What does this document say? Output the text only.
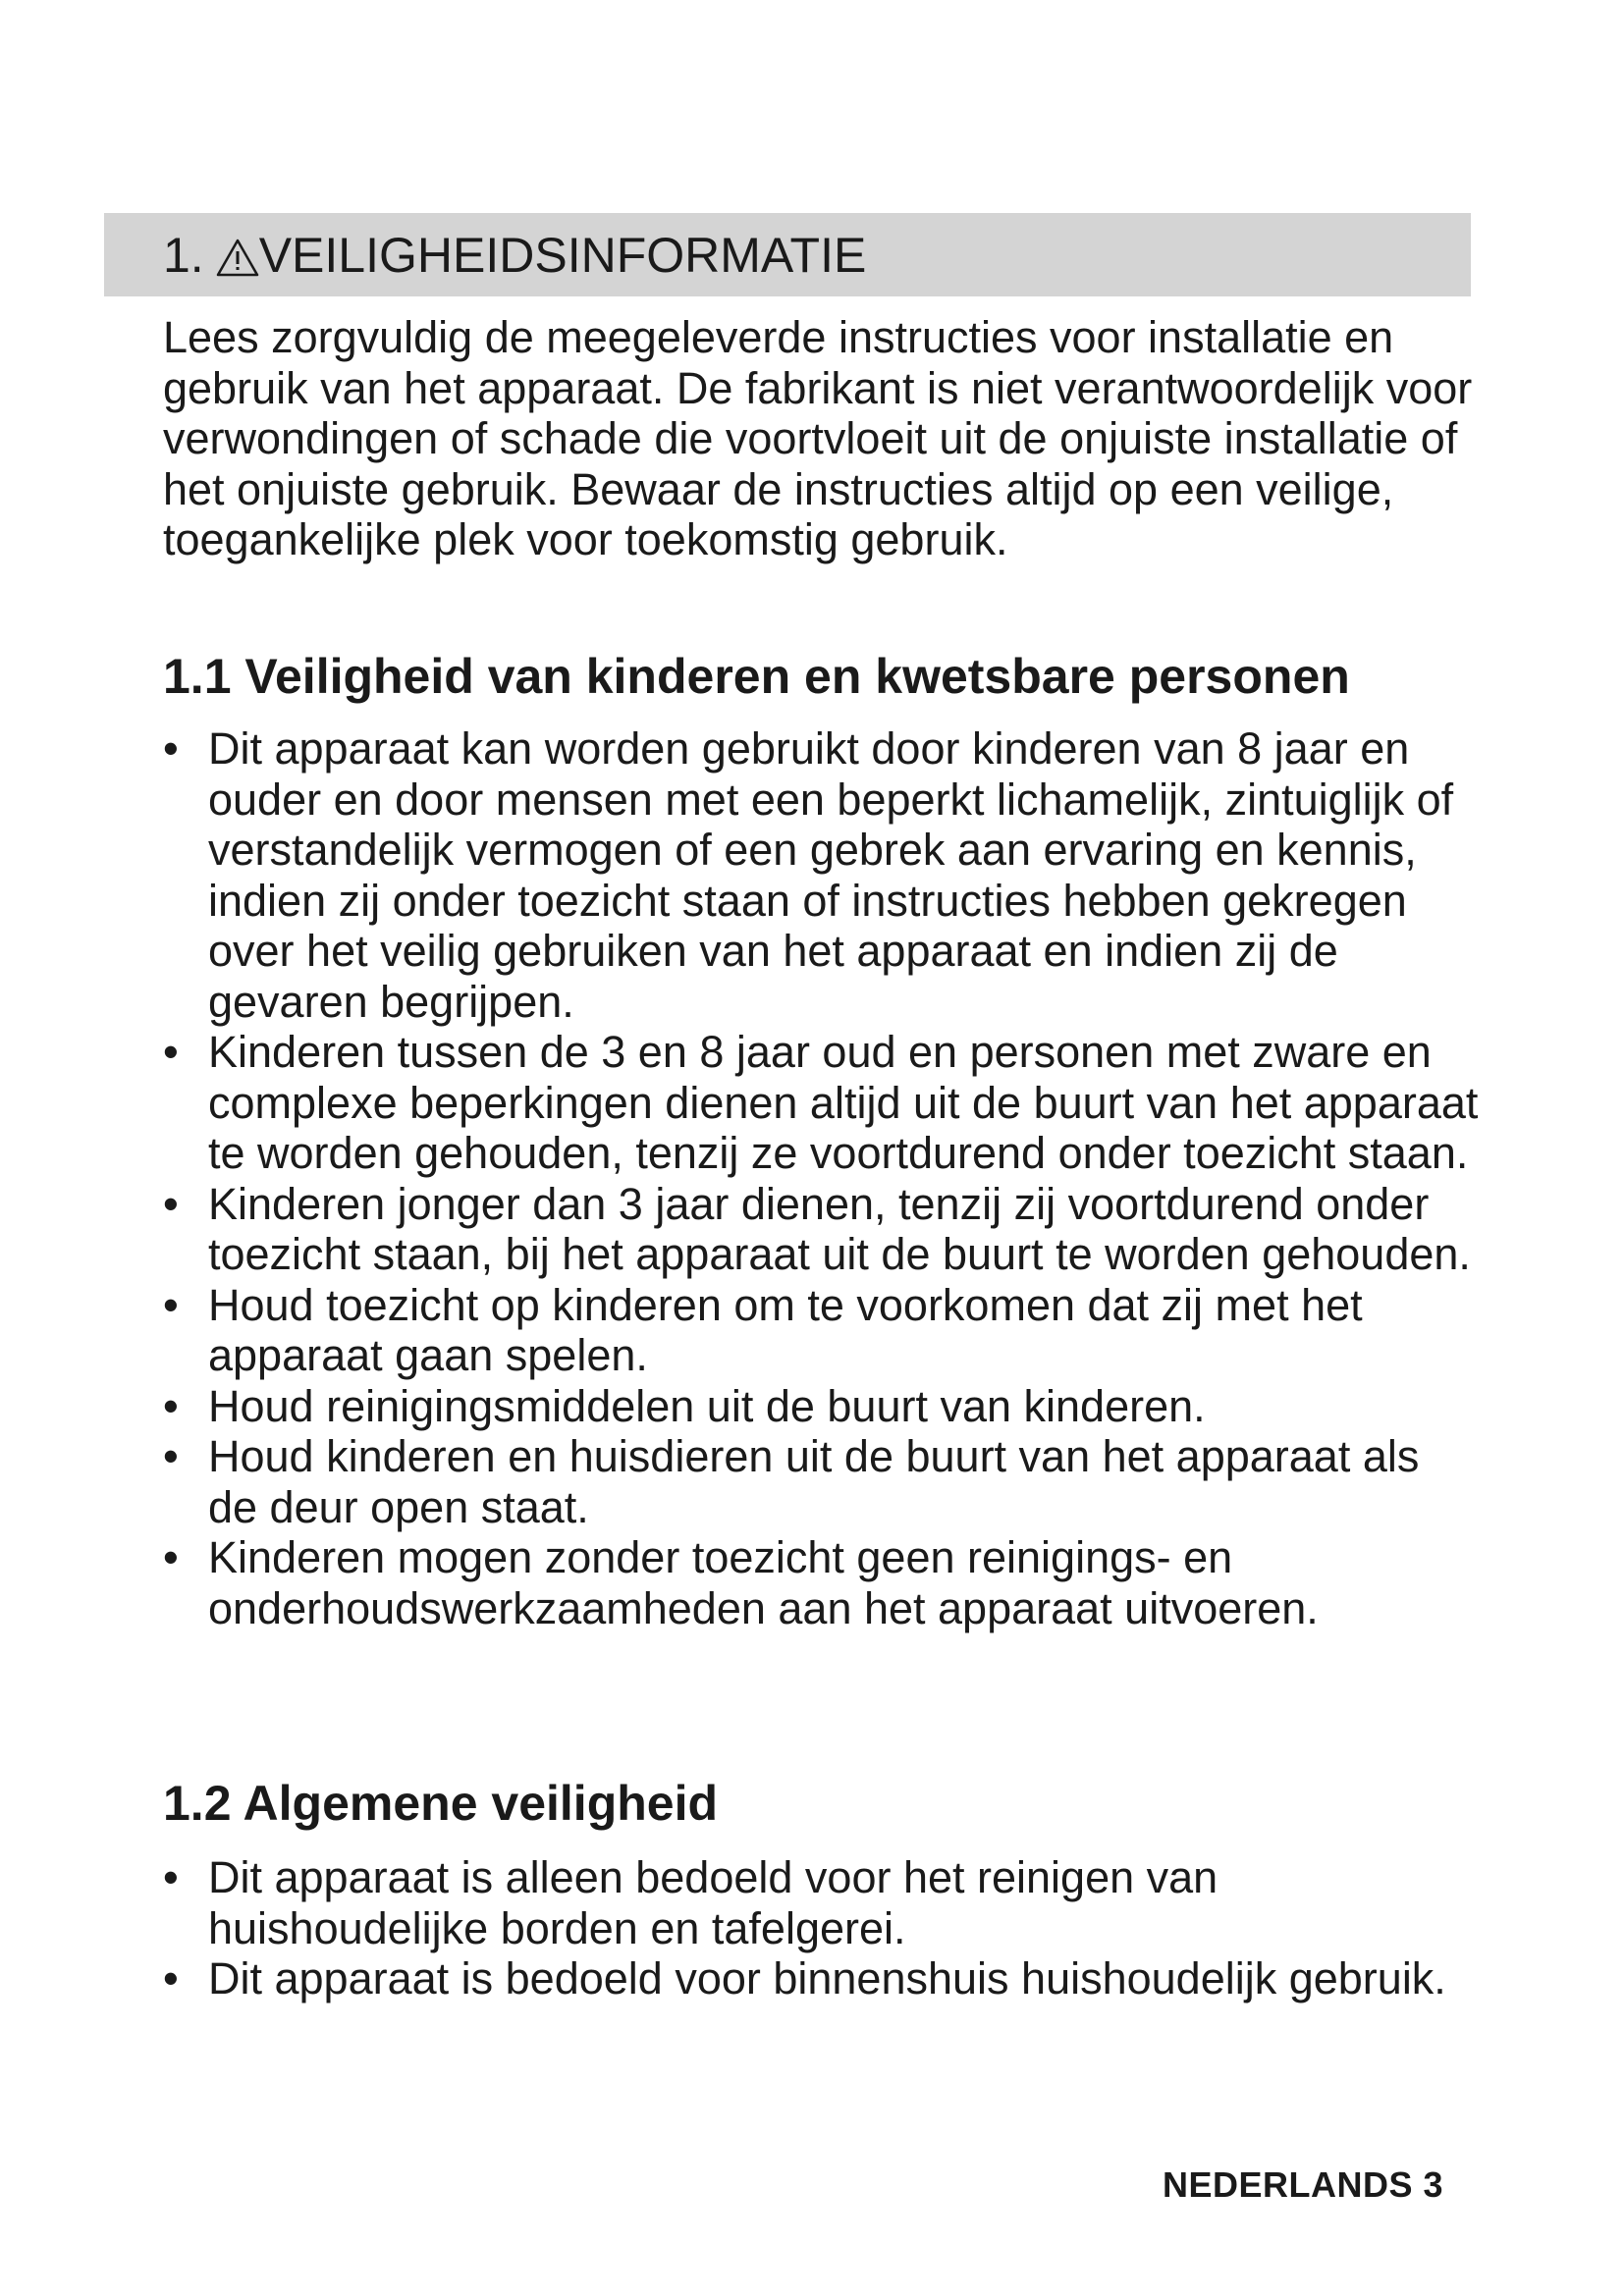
1. VEILIGHEIDSINFORMATIE

Lees zorgvuldig de meegeleverde instructies voor installatie en gebruik van het apparaat. De fabrikant is niet verantwoordelijk voor verwondingen of schade die voortvloeit uit de onjuiste installatie of het onjuiste gebruik. Bewaar de instructies altijd op een veilige, toegankelijke plek voor toekomstig gebruik.

1.1 Veiligheid van kinderen en kwetsbare personen
• Dit apparaat kan worden gebruikt door kinderen van 8 jaar en ouder en door mensen met een beperkt lichamelijk, zintuiglijk of verstandelijk vermogen of een gebrek aan ervaring en kennis, indien zij onder toezicht staan of instructies hebben gekregen over het veilig gebruiken van het apparaat en indien zij de gevaren begrijpen.
• Kinderen tussen de 3 en 8 jaar oud en personen met zware en complexe beperkingen dienen altijd uit de buurt van het apparaat te worden gehouden, tenzij ze voortdurend onder toezicht staan.
• Kinderen jonger dan 3 jaar dienen, tenzij zij voortdurend onder toezicht staan, bij het apparaat uit de buurt te worden gehouden.
• Houd toezicht op kinderen om te voorkomen dat zij met het apparaat gaan spelen.
• Houd reinigingsmiddelen uit de buurt van kinderen.
• Houd kinderen en huisdieren uit de buurt van het apparaat als de deur open staat.
• Kinderen mogen zonder toezicht geen reinigings- en onderhoudswerkzaamheden aan het apparaat uitvoeren.
1.2 Algemene veiligheid
• Dit apparaat is alleen bedoeld voor het reinigen van huishoudelijke borden en tafelgerei.
• Dit apparaat is bedoeld voor binnenshuis huishoudelijk gebruik.
NEDERLANDS 3
